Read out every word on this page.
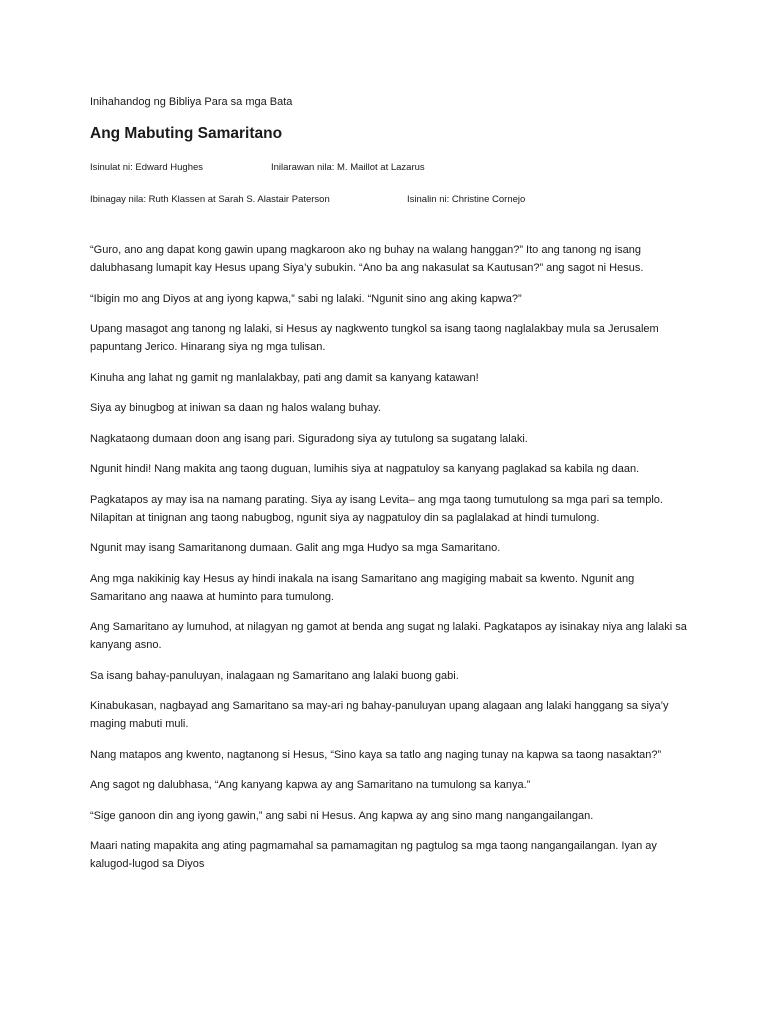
Inihahandog ng Bibliya Para sa mga Bata
Ang Mabuting Samaritano
Isinulat ni: Edward Hughes	Inilarawan nila: M. Maillot at Lazarus
Ibinagay nila: Ruth Klassen at Sarah S. Alastair Paterson	Isinalin ni: Christine Cornejo

“Guro, ano ang dapat kong gawin upang magkaroon ako ng buhay na walang hanggan?” Ito ang tanong ng isang dalubhasang lumapit kay Hesus upang Siya’y subukin. “Ano ba ang nakasulat sa Kautusan?” ang sagot ni Hesus.

“Ibigin mo ang Diyos at ang iyong kapwa,” sabi ng lalaki. “Ngunit sino ang aking kapwa?”

Upang masagot ang tanong ng lalaki, si Hesus ay nagkwento tungkol sa isang taong naglalakbay mula sa Jerusalem papuntang Jerico. Hinarang siya ng mga tulisan.

Kinuha ang lahat ng gamit ng manlalakbay, pati ang damit sa kanyang katawan!

Siya ay binugbog at iniwan sa daan ng halos walang buhay.

Nagkataong dumaan doon ang isang pari. Siguradong siya ay tutulong sa sugatang lalaki.

Ngunit hindi! Nang makita ang taong duguan, lumihis siya at nagpatuloy sa kanyang paglakad sa kabila ng daan.

Pagkatapos ay may isa na namang parating. Siya ay isang Levita– ang mga taong tumutulong sa mga pari sa templo. Nilapitan at tinignan ang taong nabugbog, ngunit siya ay nagpatuloy din sa paglalakad at hindi tumulong.

Ngunit may isang Samaritanong dumaan. Galit ang mga Hudyo sa mga Samaritano.

Ang mga nakikinig kay Hesus ay hindi inakala na isang Samaritano ang magiging mabait sa kwento. Ngunit ang Samaritano ang naawa at huminto para tumulong.

Ang Samaritano ay lumuhod, at nilagyan ng gamot at benda ang sugat ng lalaki. Pagkatapos ay isinakay niya ang lalaki sa kanyang asno.

Sa isang bahay-panuluyan, inalagaan ng Samaritano ang lalaki buong gabi.

Kinabukasan, nagbayad ang Samaritano sa may-ari ng bahay-panuluyan upang alagaan ang lalaki hanggang sa siya’y maging mabuti muli.

Nang matapos ang kwento, nagtanong si Hesus, “Sino kaya sa tatlo ang naging tunay na kapwa sa taong nasaktan?”

Ang sagot ng dalubhasa, “Ang kanyang kapwa ay ang Samaritano na tumulong sa kanya.”

“Sige ganoon din ang iyong gawin,” ang sabi ni Hesus. Ang kapwa ay ang sino mang nangangailangan.

Maari nating mapakita ang ating pagmamahal sa pamamagitan ng pagtulog sa mga taong nangangailangan. Iyan ay kalugod-lugod sa Diyos
